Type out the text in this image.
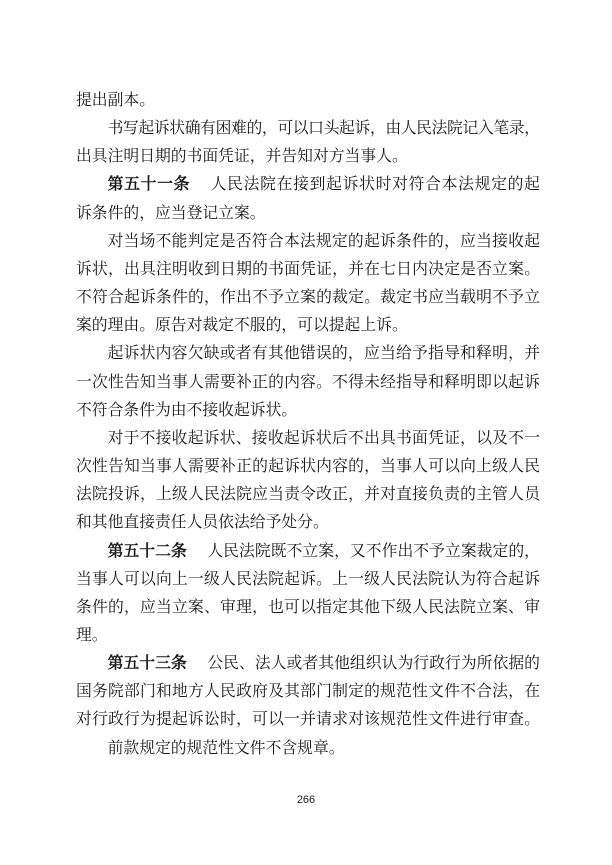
提出副本。
书写起诉状确有困难的，可以口头起诉，由人民法院记入笔录，
出具注明日期的书面凭证，并告知对方当事人。
第五十一条 人民法院在接到起诉状时对符合本法规定的起
诉条件的，应当登记立案。
对当场不能判定是否符合本法规定的起诉条件的，应当接收起
诉状，出具注明收到日期的书面凭证，并在七日内决定是否立案。
不符合起诉条件的，作出不予立案的裁定。裁定书应当载明不予立
案的理由。原告对裁定不服的，可以提起上诉。
起诉状内容欠缺或者有其他错误的，应当给予指导和释明，并
一次性告知当事人需要补正的内容。不得未经指导和释明即以起诉
不符合条件为由不接收起诉状。
对于不接收起诉状、接收起诉状后不出具书面凭证，以及不一
次性告知当事人需要补正的起诉状内容的，当事人可以向上级人民
法院投诉，上级人民法院应当责令改正，并对直接负责的主管人员
和其他直接责任人员依法给予处分。
第五十二条 人民法院既不立案，又不作出不予立案裁定的，
当事人可以向上一级人民法院起诉。上一级人民法院认为符合起诉
条件的，应当立案、审理，也可以指定其他下级人民法院立案、审
理。
第五十三条 公民、法人或者其他组织认为行政行为所依据的
国务院部门和地方人民政府及其部门制定的规范性文件不合法，在
对行政行为提起诉讼时，可以一并请求对该规范性文件进行审查。
前款规定的规范性文件不含规章。
266
